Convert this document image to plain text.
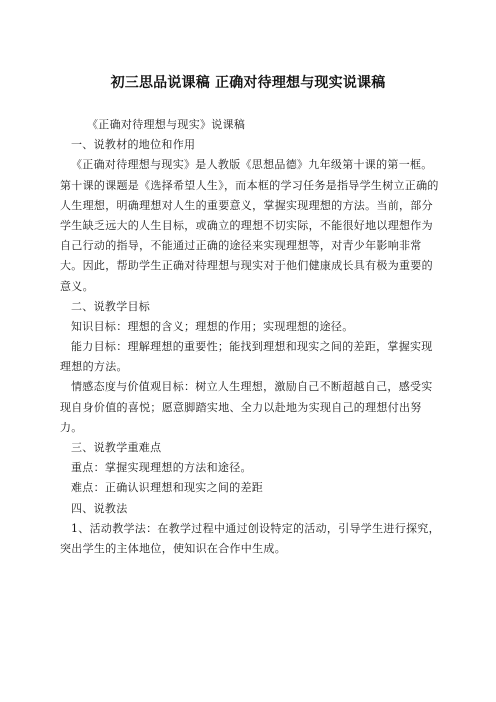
初三思品说课稿 正确对待理想与现实说课稿
《正确对待理想与现实》说课稿
一、说教材的地位和作用
《正确对待理想与现实》是人教版《思想品德》九年级第十课的第一框。
第十课的课题是《选择希望人生》，而本框的学习任务是指导学生树立正确的
人生理想，明确理想对人生的重要意义，掌握实现理想的方法。当前，部分
学生缺乏远大的人生目标，或确立的理想不切实际，不能很好地以理想作为
自己行动的指导，不能通过正确的途径来实现理想等，对青少年影响非常
大。因此，帮助学生正确对待理想与现实对于他们健康成长具有极为重要的
意义。
二、说教学目标
知识目标：理想的含义；理想的作用；实现理想的途径。
能力目标：理解理想的重要性；能找到理想和现实之间的差距，掌握实现
理想的方法。
情感态度与价值观目标：树立人生理想，激励自己不断超越自己，感受实
现自身价值的喜悦；愿意脚踏实地、全力以赴地为实现自己的理想付出努
力。
三、说教学重难点
重点：掌握实现理想的方法和途径。
难点：正确认识理想和现实之间的差距
四、说教法
1、活动教学法：在教学过程中通过创设特定的活动，引导学生进行探究，
突出学生的主体地位，使知识在合作中生成。
